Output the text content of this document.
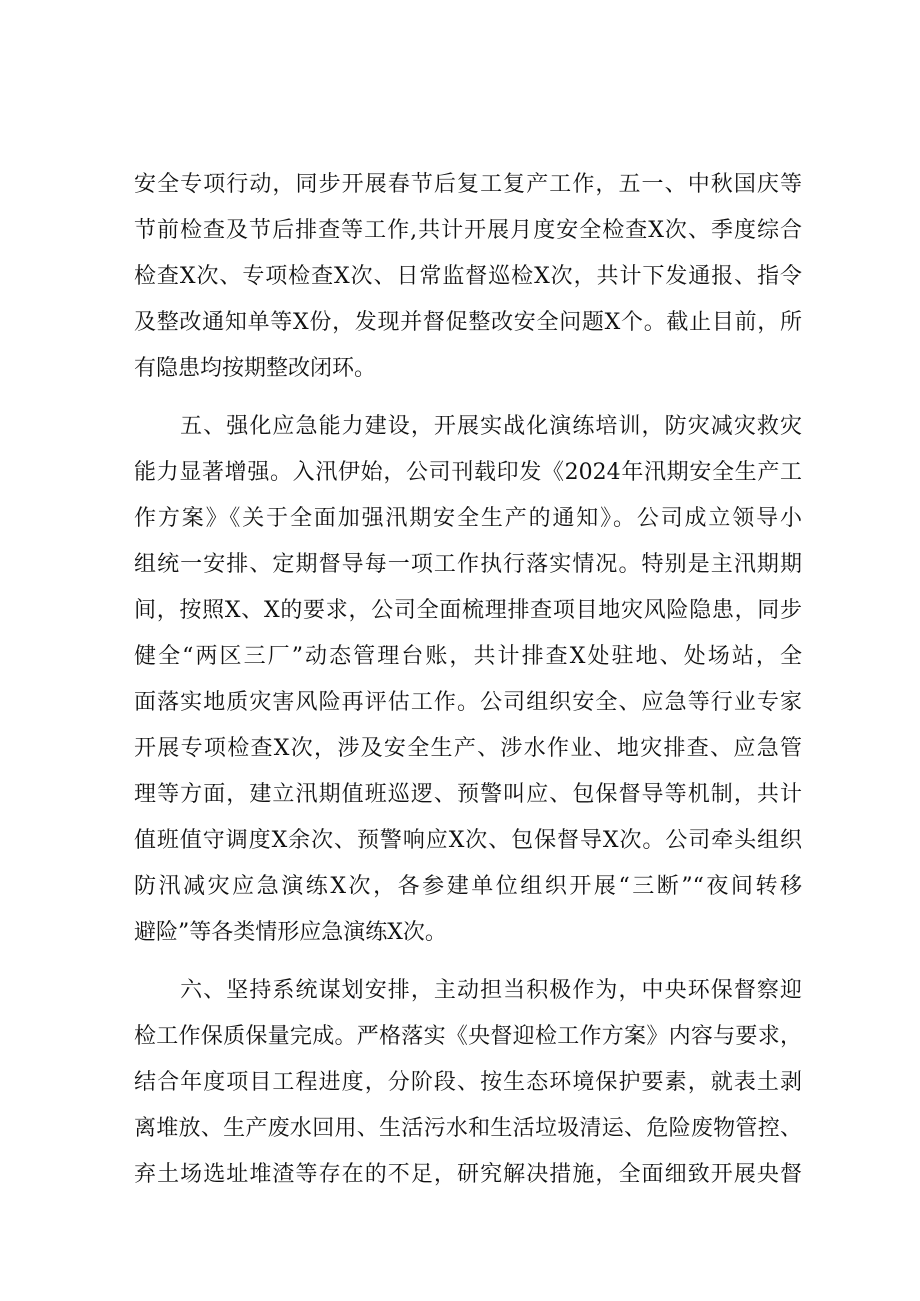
安全专项行动，同步开展春节后复工复产工作，五一、中秋国庆等
节前检查及节后排查等工作,共计开展月度安全检查X次、季度综合
检查X次、专项检查X次、日常监督巡检X次，共计下发通报、指令
及整改通知单等X份，发现并督促整改安全问题X个。截止目前，所
有隐患均按期整改闭环。
　　五、强化应急能力建设，开展实战化演练培训，防灾减灾救灾
能力显著增强。入汛伊始，公司刊载印发《2024年汛期安全生产工
作方案》《关于全面加强汛期安全生产的通知》。公司成立领导小
组统一安排、定期督导每一项工作执行落实情况。特别是主汛期期
间，按照X、X的要求，公司全面梳理排查项目地灾风险隐患，同步
健全“两区三厂”动态管理台账，共计排查X处驻地、处场站，全
面落实地质灾害风险再评估工作。公司组织安全、应急等行业专家
开展专项检查X次，涉及安全生产、涉水作业、地灾排查、应急管
理等方面，建立汛期值班巡逻、预警叫应、包保督导等机制，共计
值班值守调度X余次、预警响应X次、包保督导X次。公司牵头组织
防汛减灾应急演练X次，各参建单位组织开展“三断”“夜间转移
避险”等各类情形应急演练X次。
　　六、坚持系统谋划安排，主动担当积极作为，中央环保督察迎
检工作保质保量完成。严格落实《央督迎检工作方案》内容与要求，
结合年度项目工程进度，分阶段、按生态环境保护要素，就表土剥
离堆放、生产废水回用、生活污水和生活垃圾清运、危险废物管控、
弃土场选址堆渣等存在的不足，研究解决措施，全面细致开展央督
